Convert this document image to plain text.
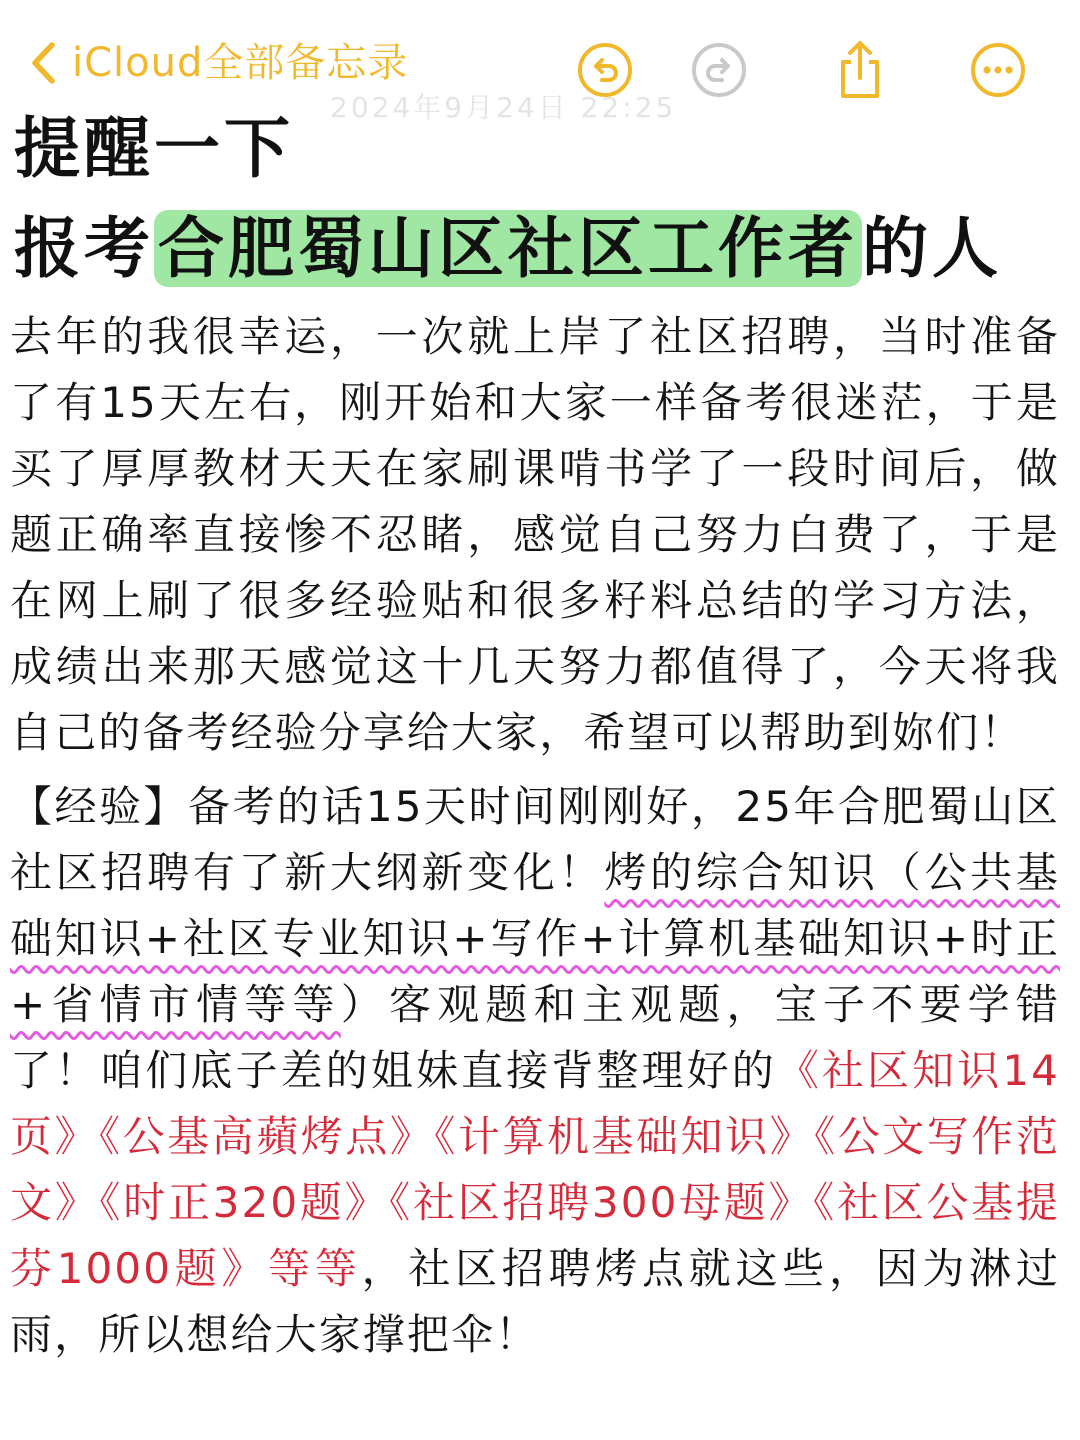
iCloud全部备忘录
2024年9月24日 22:25
提醒一下
报考合肥蜀山区社区工作者的人

去年的我很幸运，一次就上岸了社区招聘，当时准备了有15天左右，刚开始和大家一样备考很迷茫，于是买了厚厚教材天天在家刷课啃书学了一段时间后，做题正确率直接惨不忍睹，感觉自己努力白费了，于是在网上刷了很多经验贴和很多籽料总结的学习方法，成绩出来那天感觉这十几天努力都值得了，今天将我自己的备考经验分享给大家，希望可以帮助到妳们！

【经验】备考的话15天时间刚刚好，25年合肥蜀山区社区招聘有了新大纲新变化！烤的综合知识（公共基础知识+社区专业知识+写作+计算机基础知识+时正+省情市情等等）客观题和主观题，宝子不要学错了！咱们底子差的姐妹直接背整理好的《社区知识14页》《公基高蘋烤点》《计算机基础知识》《公文写作范文》《时正320题》《社区招聘300母题》《社区公基提芬1000题》等等，社区招聘烤点就这些，因为淋过雨，所以想给大家撑把伞！
